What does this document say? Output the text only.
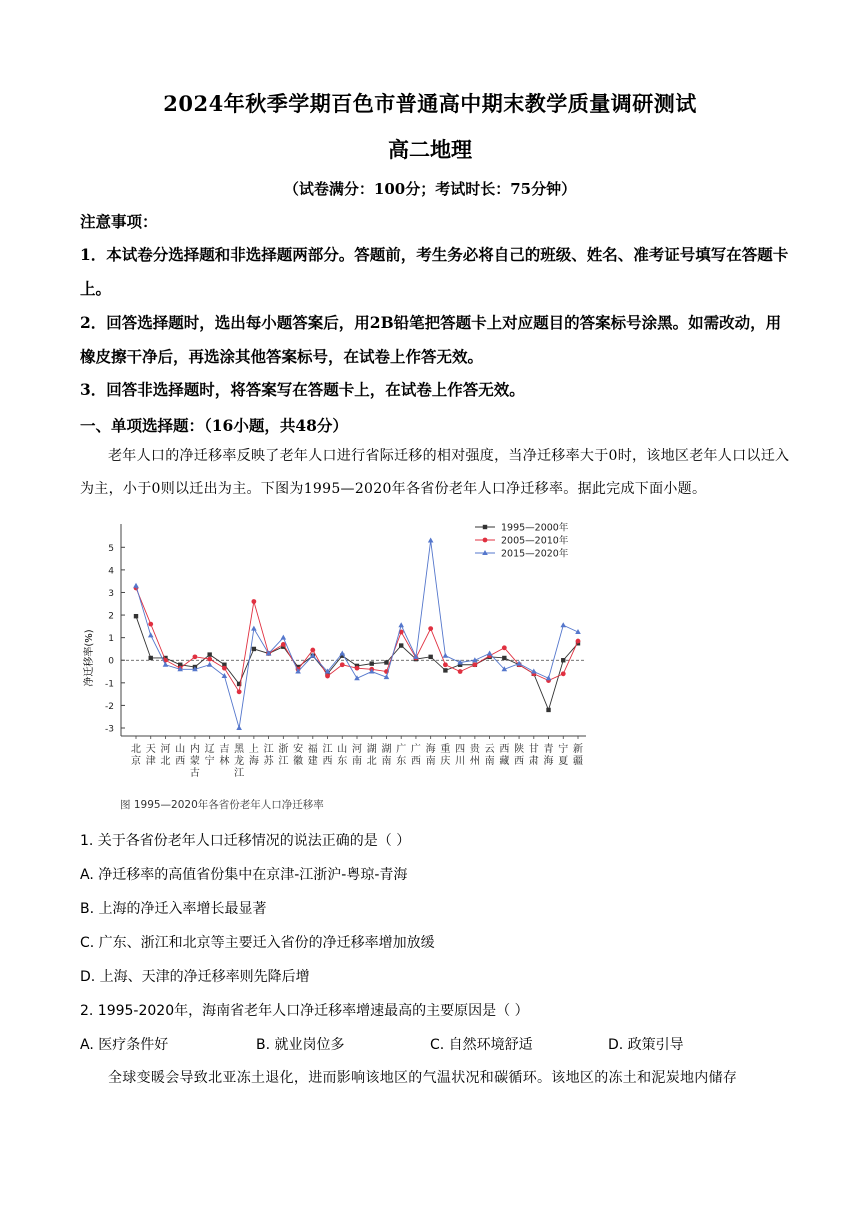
2024年秋季学期百色市普通高中期末教学质量调研测试
高二地理
（试卷满分：100分；考试时长：75分钟）
注意事项：
1．本试卷分选择题和非选择题两部分。答题前，考生务必将自己的班级、姓名、准考证号填写在答题卡上。
2．回答选择题时，选出每小题答案后，用2B铅笔把答题卡上对应题目的答案标号涂黑。如需改动，用橡皮擦干净后，再选涂其他答案标号，在试卷上作答无效。
3．回答非选择题时，将答案写在答题卡上，在试卷上作答无效。
一、单项选择题：（16小题，共48分）
老年人口的净迁移率反映了老年人口进行省际迁移的相对强度，当净迁移率大于0时，该地区老年人口以迁入为主，小于0则以迁出为主。下图为1995—2020年各省份老年人口净迁移率。据此完成下面小题。
净迁移率(%)
5
4
3
2
1
0
-1
-2
-3
北京
天津
河北
山西
内蒙古
辽宁
吉林
黑龙江
上海
江苏
浙江
安徽
福建
江西
山东
河南
湖北
湖南
广东
广西
海南
重庆
四川
贵州
云南
西藏
陕西
甘肃
青海
宁夏
新疆
1995—2000年
2005—2010年
2015—2020年
图 1995—2020年各省份老年人口净迁移率
1. 关于各省份老年人口迁移情况的说法正确的是（ ）
A. 净迁移率的高值省份集中在京津-江浙沪-粤琼-青海
B. 上海的净迁入率增长最显著
C. 广东、浙江和北京等主要迁入省份的净迁移率增加放缓
D. 上海、天津的净迁移率则先降后增
2. 1995-2020年，海南省老年人口净迁移率增速最高的主要原因是（ ）
A. 医疗条件好	B. 就业岗位多	C. 自然环境舒适	D. 政策引导
全球变暖会导致北亚冻土退化，进而影响该地区的气温状况和碳循环。该地区的冻土和泥炭地内储存
